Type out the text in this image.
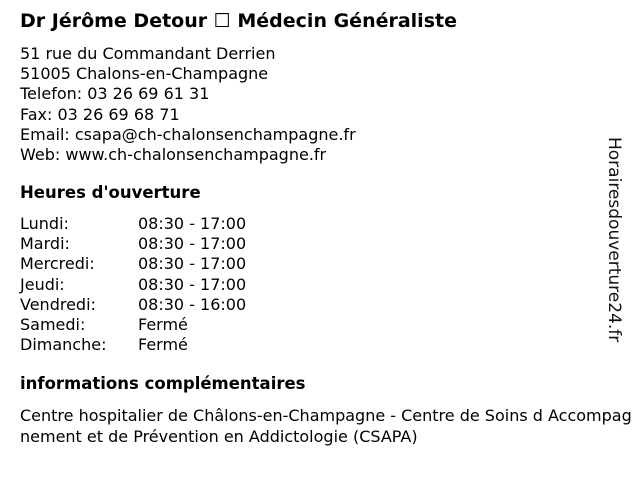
Dr Jérôme Detour ☐ Médecin Généraliste
51 rue du Commandant Derrien
51005 Chalons-en-Champagne
Telefon: 03 26 69 61 31
Fax: 03 26 69 68 71
Email: csapa@ch-chalonsenchampagne.fr
Web: www.ch-chalonsenchampagne.fr
Heures d'ouverture
Lundi:	08:30 - 17:00
Mardi:	08:30 - 17:00
Mercredi:	08:30 - 17:00
Jeudi:	08:30 - 17:00
Vendredi:	08:30 - 16:00
Samedi:	Fermé
Dimanche: Fermé
informations complémentaires
Centre hospitalier de Châlons-en-Champagne - Centre de Soins d Accompagnement et de Prévention en Addictologie (CSAPA)
Horairesdouverture24.fr
